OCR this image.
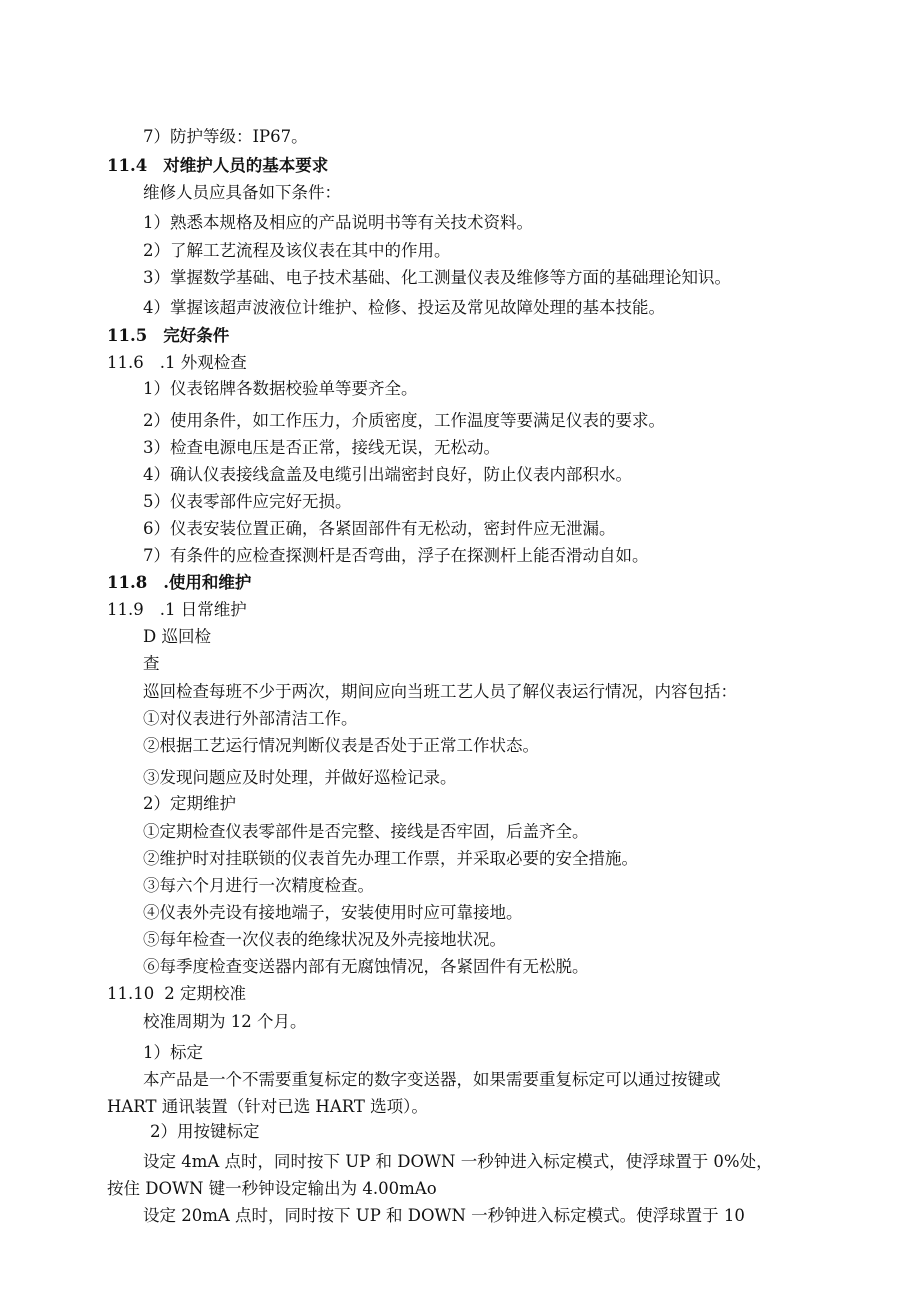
7）防护等级：IP67。
11.4 对维护人员的基本要求
维修人员应具备如下条件：
1）熟悉本规格及相应的产品说明书等有关技术资料。
2）了解工艺流程及该仪表在其中的作用。
3）掌握数学基础、电子技术基础、化工测量仪表及维修等方面的基础理论知识。
4）掌握该超声波液位计维护、检修、投运及常见故障处理的基本技能。
11.5 完好条件
11.6 .1 外观检查
1）仪表铭牌各数据校验单等要齐全。
2）使用条件，如工作压力，介质密度，工作温度等要满足仪表的要求。
3）检查电源电压是否正常，接线无误，无松动。
4）确认仪表接线盒盖及电缆引出端密封良好，防止仪表内部积水。
5）仪表零部件应完好无损。
6）仪表安装位置正确，各紧固部件有无松动，密封件应无泄漏。
7）有条件的应检查探测杆是否弯曲，浮子在探测杆上能否滑动自如。
11.8 .使用和维护
11.9 .1 日常维护
D 巡回检
查
巡回检查每班不少于两次，期间应向当班工艺人员了解仪表运行情况，内容包括：
①对仪表进行外部清洁工作。
②根据工艺运行情况判断仪表是否处于正常工作状态。
③发现问题应及时处理，并做好巡检记录。
2）定期维护
①定期检查仪表零部件是否完整、接线是否牢固，后盖齐全。
②维护时对挂联锁的仪表首先办理工作票，并采取必要的安全措施。
③每六个月进行一次精度检查。
④仪表外壳设有接地端子，安装使用时应可靠接地。
⑤每年检查一次仪表的绝缘状况及外壳接地状况。
⑥每季度检查变送器内部有无腐蚀情况，各紧固件有无松脱。
11.10 2 定期校准
校准周期为 12 个月。
1）标定
本产品是一个不需要重复标定的数字变送器，如果需要重复标定可以通过按键或
HART 通讯装置（针对已选 HART 选项）。
2）用按键标定
设定 4mA 点时，同时按下 UP 和 DOWN 一秒钟进入标定模式，使浮球置于 0%处，
按住 DOWN 键一秒钟设定输出为 4.00mAo
设定 20mA 点时，同时按下 UP 和 DOWN 一秒钟进入标定模式。使浮球置于 10
